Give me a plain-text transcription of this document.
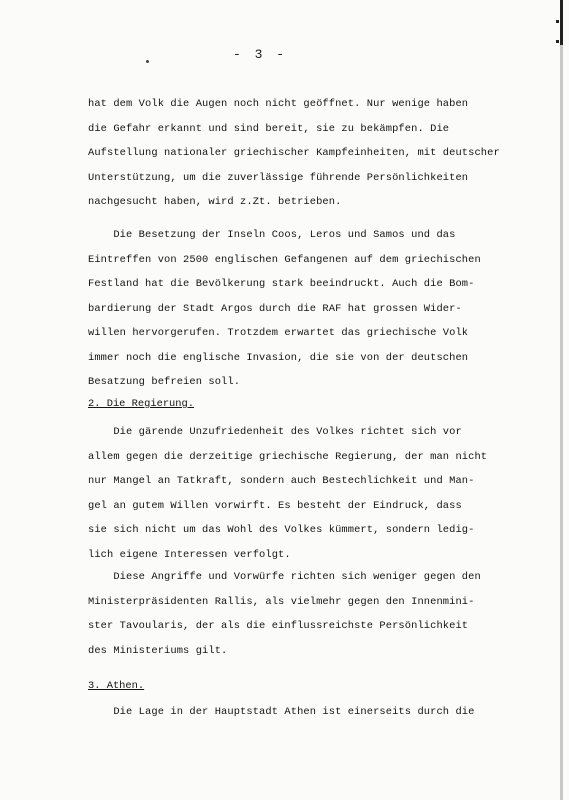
- 3 -
hat dem Volk die Augen noch nicht geöffnet. Nur wenige haben
die Gefahr erkannt und sind bereit, sie zu bekämpfen. Die
Aufstellung nationaler griechischer Kampfeinheiten, mit deutscher
Unterstützung, um die zuverlässige führende Persönlichkeiten
nachgesucht haben, wird z.Zt. betrieben.
Die Besetzung der Inseln Coos, Leros und Samos und das
Eintreffen von 2500 englischen Gefangenen auf dem griechischen
Festland hat die Bevölkerung stark beeindruckt. Auch die Bom-
bardierung der Stadt Argos durch die RAF hat grossen Wider-
willen hervorgerufen. Trotzdem erwartet das griechische Volk
immer noch die englische Invasion, die sie von der deutschen
Besatzung befreien soll.
2. Die Regierung.
Die gärende Unzufriedenheit des Volkes richtet sich vor
allem gegen die derzeitige griechische Regierung, der man nicht
nur Mangel an Tatkraft, sondern auch Bestechlichkeit und Man-
gel an gutem Willen vorwirft. Es besteht der Eindruck, dass
sie sich nicht um das Wohl des Volkes kümmert, sondern ledig-
lich eigene Interessen verfolgt.
Diese Angriffe und Vorwürfe richten sich weniger gegen den
Ministerpräsidenten Rallis, als vielmehr gegen den Innenmini-
ster Tavoularis, der als die einflussreichste Persönlichkeit
des Ministeriums gilt.
3. Athen.
Die Lage in der Hauptstadt Athen ist einerseits durch die
